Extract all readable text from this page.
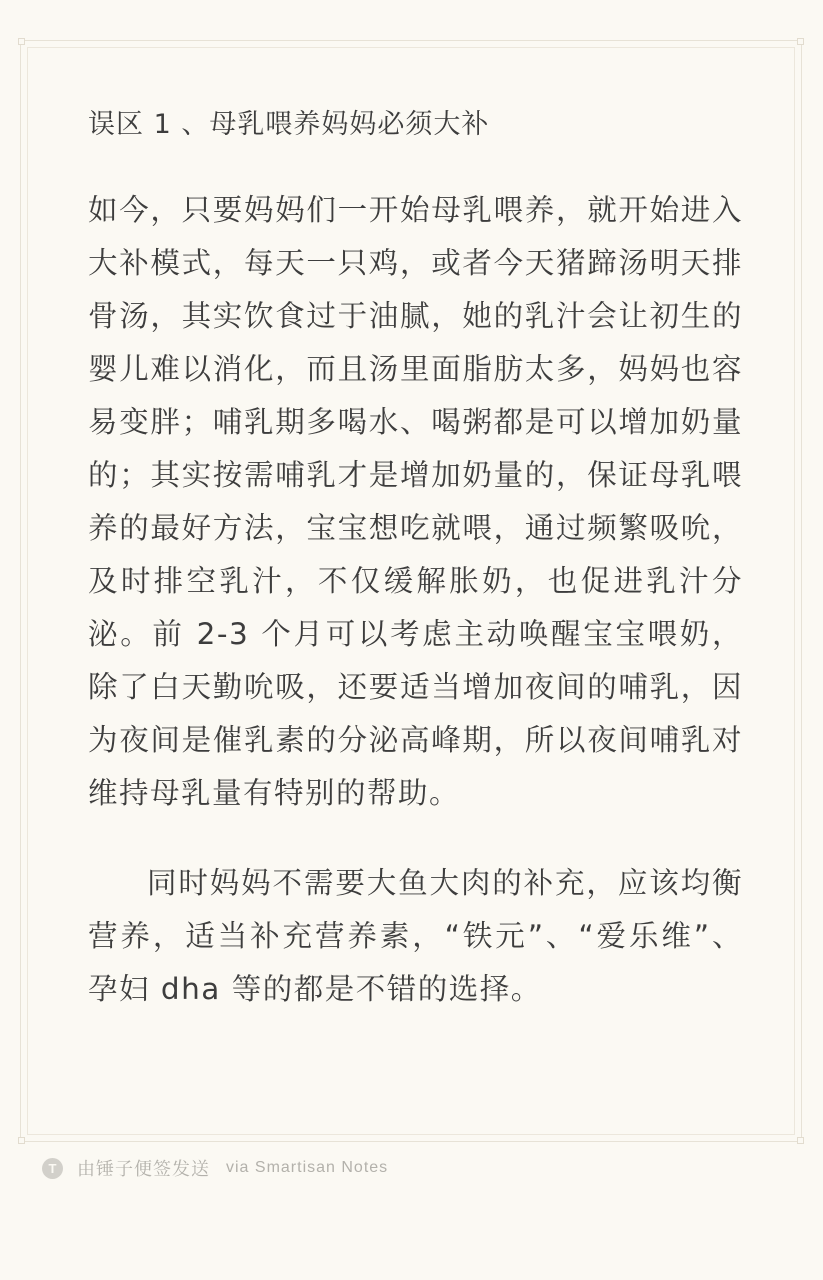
误区 1 、母乳喂养妈妈必须大补

如今，只要妈妈们一开始母乳喂养，就开始进入大补模式，每天一只鸡，或者今天猪蹄汤明天排骨汤，其实饮食过于油腻，她的乳汁会让初生的婴儿难以消化，而且汤里面脂肪太多，妈妈也容易变胖；哺乳期多喝水、喝粥都是可以增加奶量的；其实按需哺乳才是增加奶量的，保证母乳喂养的最好方法，宝宝想吃就喂，通过频繁吸吮，及时排空乳汁，不仅缓解胀奶，也促进乳汁分泌。前 2-3 个月可以考虑主动唤醒宝宝喂奶，除了白天勤吮吸，还要适当增加夜间的哺乳，因为夜间是催乳素的分泌高峰期，所以夜间哺乳对维持母乳量有特别的帮助。

同时妈妈不需要大鱼大肉的补充，应该均衡营养，适当补充营养素，“铁元”、“爱乐维”、孕妇 dha 等的都是不错的选择。

T	由锤子便签发送 via Smartisan Notes
